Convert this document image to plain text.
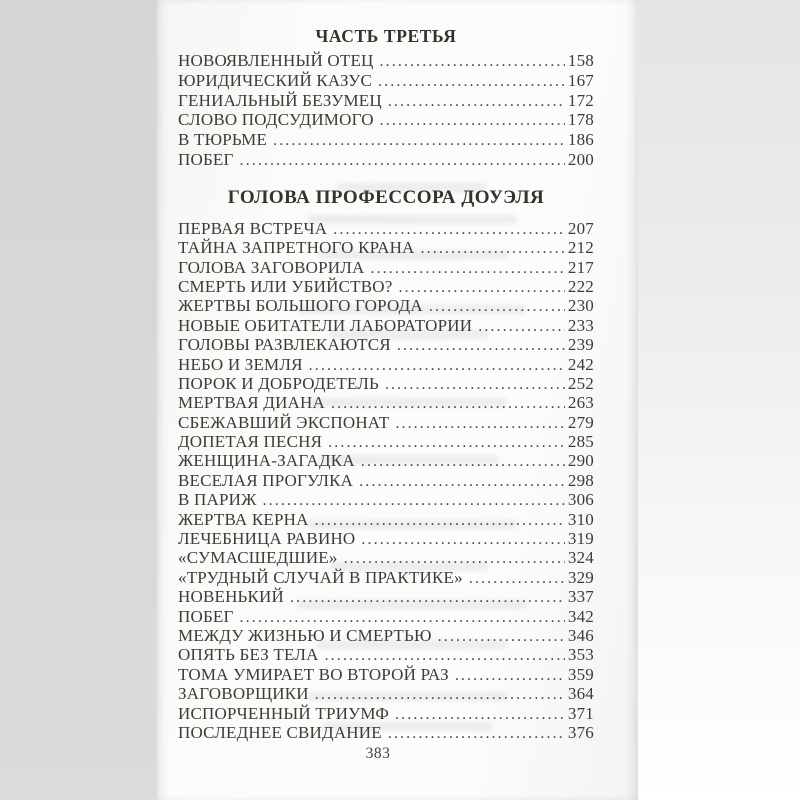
ЧАСТЬ ТРЕТЬЯ
НОВОЯВЛЕННЫЙ ОТЕЦ .....	158
ЮРИДИЧЕСКИЙ КАЗУС .....	167
ГЕНИАЛЬНЫЙ БЕЗУМЕЦ .....	172
СЛОВО ПОДСУДИМОГО .....	178
В ТЮРЬМЕ .....	186
ПОБЕГ .....	200
ГОЛОВА ПРОФЕССОРА ДОУЭЛЯ
ПЕРВАЯ ВСТРЕЧА .....	207
ТАЙНА ЗАПРЕТНОГО КРАНА .....	212
ГОЛОВА ЗАГОВОРИЛА .....	217
СМЕРТЬ ИЛИ УБИЙСТВО? .....	222
ЖЕРТВЫ БОЛЬШОГО ГОРОДА .....	230
НОВЫЕ ОБИТАТЕЛИ ЛАБОРАТОРИИ .....	233
ГОЛОВЫ РАЗВЛЕКАЮТСЯ .....	239
НЕБО И ЗЕМЛЯ .....	242
ПОРОК И ДОБРОДЕТЕЛЬ .....	252
МЕРТВАЯ ДИАНА .....	263
СБЕЖАВШИЙ ЭКСПОНАТ .....	279
ДОПЕТАЯ ПЕСНЯ .....	285
ЖЕНЩИНА-ЗАГАДКА .....	290
ВЕСЕЛАЯ ПРОГУЛКА .....	298
В ПАРИЖ .....	306
ЖЕРТВА КЕРНА .....	310
ЛЕЧЕБНИЦА РАВИНО .....	319
«СУМАСШЕДШИЕ» .....	324
«ТРУДНЫЙ СЛУЧАЙ В ПРАКТИКЕ» .....	329
НОВЕНЬКИЙ .....	337
ПОБЕГ .....	342
МЕЖДУ ЖИЗНЬЮ И СМЕРТЬЮ .....	346
ОПЯТЬ БЕЗ ТЕЛА .....	353
ТОМА УМИРАЕТ ВО ВТОРОЙ РАЗ .....	359
ЗАГОВОРЩИКИ .....	364
ИСПОРЧЕННЫЙ ТРИУМФ .....	371
ПОСЛЕДНЕЕ СВИДАНИЕ .....	376
383
